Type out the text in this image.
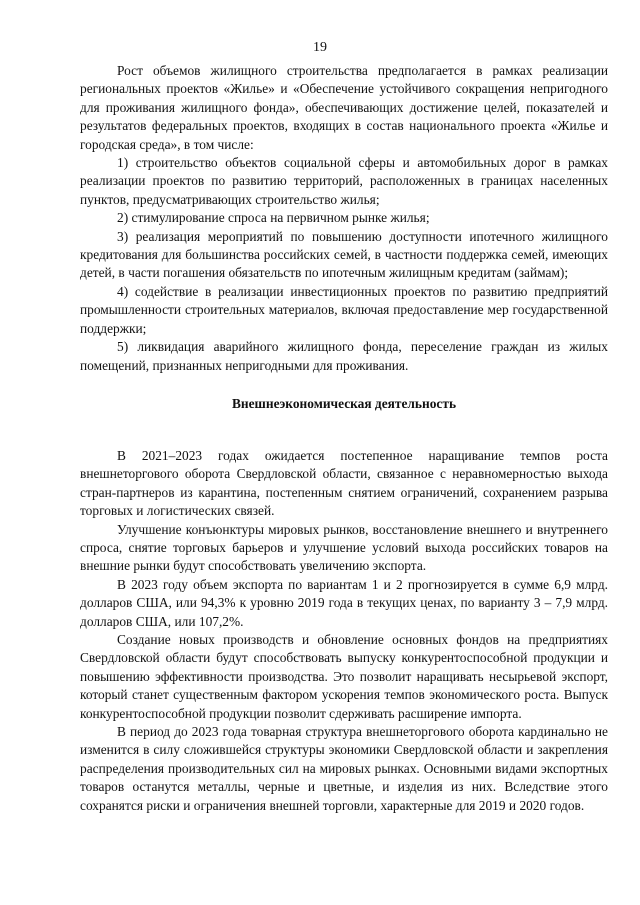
19

Рост объемов жилищного строительства предполагается в рамках реализации региональных проектов «Жилье» и «Обеспечение устойчивого сокращения непригодного для проживания жилищного фонда», обеспечивающих достижение целей, показателей и результатов федеральных проектов, входящих в состав национального проекта «Жилье и городская среда», в том числе:

1) строительство объектов социальной сферы и автомобильных дорог в рамках реализации проектов по развитию территорий, расположенных в границах населенных пунктов, предусматривающих строительство жилья;

2) стимулирование спроса на первичном рынке жилья;

3) реализация мероприятий по повышению доступности ипотечного жилищного кредитования для большинства российских семей, в частности поддержка семей, имеющих детей, в части погашения обязательств по ипотечным жилищным кредитам (займам);

4) содействие в реализации инвестиционных проектов по развитию предприятий промышленности строительных материалов, включая предоставление мер государственной поддержки;

5) ликвидация аварийного жилищного фонда, переселение граждан из жилых помещений, признанных непригодными для проживания.

Внешнеэкономическая деятельность

В 2021–2023 годах ожидается постепенное наращивание темпов роста внешнеторгового оборота Свердловской области, связанное с неравномерностью выхода стран-партнеров из карантина, постепенным снятием ограничений, сохранением разрыва торговых и логистических связей.

Улучшение конъюнктуры мировых рынков, восстановление внешнего и внутреннего спроса, снятие торговых барьеров и улучшение условий выхода российских товаров на внешние рынки будут способствовать увеличению экспорта.

В 2023 году объем экспорта по вариантам 1 и 2 прогнозируется в сумме 6,9 млрд. долларов США, или 94,3% к уровню 2019 года в текущих ценах, по варианту 3 – 7,9 млрд. долларов США, или 107,2%.

Создание новых производств и обновление основных фондов на предприятиях Свердловской области будут способствовать выпуску конкурентоспособной продукции и повышению эффективности производства. Это позволит наращивать несырьевой экспорт, который станет существенным фактором ускорения темпов экономического роста. Выпуск конкурентоспособной продукции позволит сдерживать расширение импорта.

В период до 2023 года товарная структура внешнеторгового оборота кардинально не изменится в силу сложившейся структуры экономики Свердловской области и закрепления распределения производительных сил на мировых рынках. Основными видами экспортных товаров останутся металлы, черные и цветные, и изделия из них. Вследствие этого сохранятся риски и ограничения внешней торговли, характерные для 2019 и 2020 годов.
